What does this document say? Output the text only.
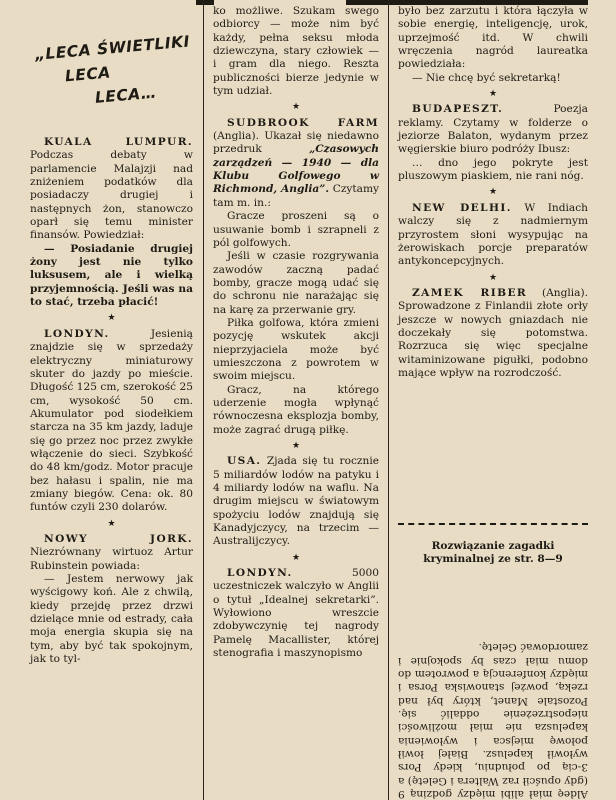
„LECA ŚWIETLIKI
LECA
LECA…

KUALA LUMPUR. Podczas debaty w parlamencie Malajzji nad zniżeniem podatków dla posiadaczy drugiej i następnych żon, stanowczo oparł się temu minister finansów. Powiedział:

— Posiadanie drugiej żony jest nie tylko luksusem, ale i wielką przyjemnością. Jeśli was na to stać, trzeba płacić!

★

LONDYN.	Jesienią znajdzie się w sprzedaży elektryczny miniaturowy skuter do jazdy po mieście. Długość 125 cm, szerokość 25 cm, wysokość 50 cm. Akumulator pod siodełkiem starcza na 35 km jazdy, laduje się go przez noc przez zwykłe włączenie do sieci. Szybkość do 48 km/godz. Motor pracuje bez hałasu i spalin, nie ma zmiany biegów. Cena: ok. 80 funtów czyli 230 dolarów.

★

NOWY JORK. Niezrównany wirtuoz Artur Rubinstein powiada:

— Jestem nerwowy jak wyścigowy koń. Ale z chwilą, kiedy przejdę przez drzwi dzielące mnie od estrady, cała moja energia skupia się na tym, aby być tak spokojnym, jak to tyl-

ko możliwe. Szukam swego odbiorcy — może nim być każdy, pełna seksu młoda dziewczyna, stary człowiek — i gram dla niego. Reszta publiczności bierze jedynie w tym udział.

★

SUDBROOK FARM (Anglia). Ukazał się niedawno przedruk	„Czasowych zarządzeń — 1940 — dla Klubu Golfowego w Richmond, Anglia”. Czytamy tam m. in.:

Gracze proszeni są o usuwanie bomb i szrapneli z pól golfowych.

Jeśli w czasie rozgrywania zawodów zaczną padać bomby, gracze mogą udać się do schronu nie narażając się na karę za przerwanie gry.

Piłka golfowa, która zmieni pozycję wskutek akcji nieprzyjaciela może być umieszczona z powrotem w swoim miejscu.

Gracz, na którego uderzenie mogła wpłynąć równoczesna eksplozja bomby, może zagrać drugą piłkę.

★

USA. Zjada się tu rocznie 5 miliardów lodów na patyku i 4 miliardy lodów na waflu. Na drugim miejscu w światowym spożyciu lodów znajdują się Kanadyjczycy, na trzecim — Australijczycy.

★

LONDYN.	5000 uczestniczek walczyło w Anglii o tytuł „Idealnej sekretarki”. Wyłowiono wreszcie zdobywczynię tej nagrody Pamelę Macallister, której stenografia i maszynopismo

było bez zarzutu i która łączyła w sobie energię, inteligencję, urok, uprzejmość itd. W chwili wręczenia nagród laureatka powiedziała:

— Nie chcę być sekretarką!

★

BUDAPESZT.	Poezja reklamy. Czytamy w folderze o jeziorze Balaton, wydanym przez węgierskie biuro podróży Ibusz:

… dno jego pokryte jest pluszowym piaskiem, nie rani nóg.

★

NEW DELHI. W Indiach walczy się z nadmiernym przyrostem słoni wysypując na żerowiskach porcje preparatów antykoncepcyjnych.

★

ZAMEK RIBER (Anglia). Sprowadzone z Finlandii złote orły jeszcze w nowych gniazdach nie doczekały się potomstwa. Rozrzuca się więc specjalne witaminizowane pigułki, podobno mające wpływ na rozrodczość.

Rozwiązanie zagadki kryminalnej ze str. 8—9
Aldeę miał alibi między godziną 9 (gdy opuścił raz Waltera i Geletę) a 3-cią po południu, kiedy Pors wyłowił kapelusz. Białej łowił połowę miejsca i wyłowienia kapelusza nie miał możliwości niepostrzeżenie oddalić się. Pozostale Manet, który był nad rzeką, powżej stanowiska Porsa i między konferencją a powrotem do domu miał czas by spokojnie i zamordować Geletę.
